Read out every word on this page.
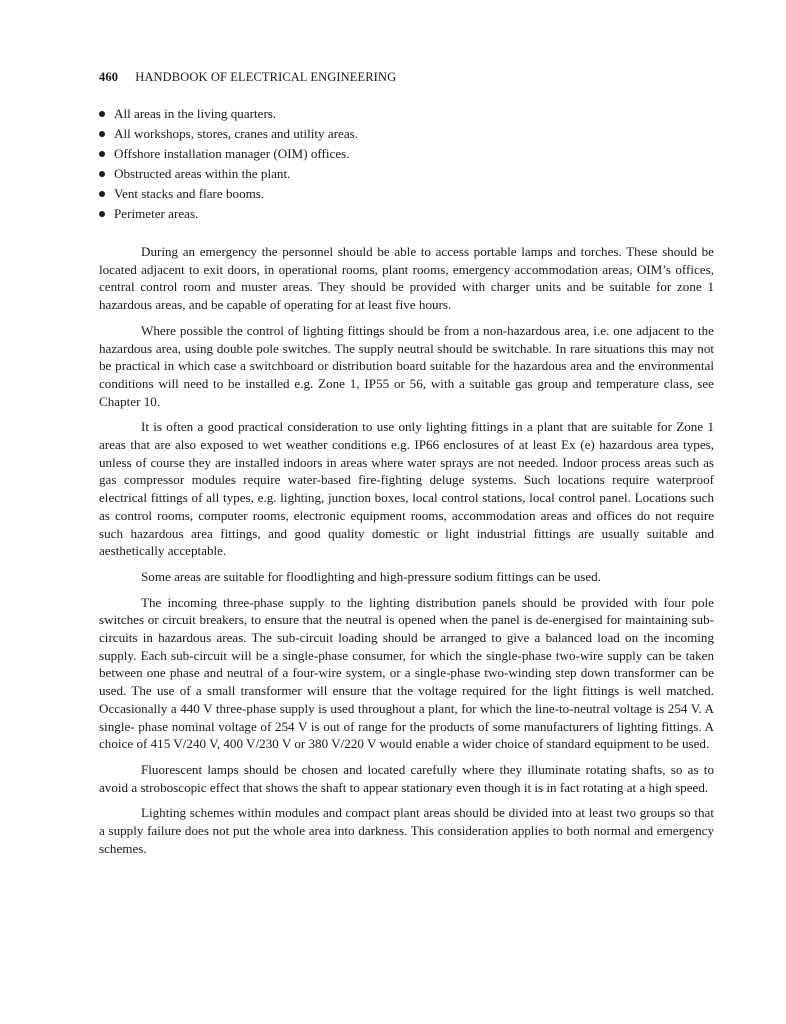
460 HANDBOOK OF ELECTRICAL ENGINEERING
All areas in the living quarters.
All workshops, stores, cranes and utility areas.
Offshore installation manager (OIM) offices.
Obstructed areas within the plant.
Vent stacks and flare booms.
Perimeter areas.

During an emergency the personnel should be able to access portable lamps and torches. These should be located adjacent to exit doors, in operational rooms, plant rooms, emergency accommodation areas, OIM’s offices, central control room and muster areas. They should be provided with charger units and be suitable for zone 1 hazardous areas, and be capable of operating for at least five hours.

Where possible the control of lighting fittings should be from a non-hazardous area, i.e. one adjacent to the hazardous area, using double pole switches. The supply neutral should be switchable. In rare situations this may not be practical in which case a switchboard or distribution board suitable for the hazardous area and the environmental conditions will need to be installed e.g. Zone 1, IP55 or 56, with a suitable gas group and temperature class, see Chapter 10.

It is often a good practical consideration to use only lighting fittings in a plant that are suitable for Zone 1 areas that are also exposed to wet weather conditions e.g. IP66 enclosures of at least Ex (e) hazardous area types, unless of course they are installed indoors in areas where water sprays are not needed. Indoor process areas such as gas compressor modules require water-based fire-fighting deluge systems. Such locations require waterproof electrical fittings of all types, e.g. lighting, junction boxes, local control stations, local control panel. Locations such as control rooms, computer rooms, electronic equipment rooms, accommodation areas and offices do not require such hazardous area fittings, and good quality domestic or light industrial fittings are usually suitable and aesthetically acceptable.

Some areas are suitable for floodlighting and high-pressure sodium fittings can be used.

The incoming three-phase supply to the lighting distribution panels should be provided with four pole switches or circuit breakers, to ensure that the neutral is opened when the panel is de-energised for maintaining sub-circuits in hazardous areas. The sub-circuit loading should be arranged to give a balanced load on the incoming supply. Each sub-circuit will be a single-phase consumer, for which the single-phase two-wire supply can be taken between one phase and neutral of a four-wire system, or a single-phase two-winding step down transformer can be used. The use of a small transformer will ensure that the voltage required for the light fittings is well matched. Occasionally a 440 V three-phase supply is used throughout a plant, for which the line-to-neutral voltage is 254 V. A single- phase nominal voltage of 254 V is out of range for the products of some manufacturers of lighting fittings. A choice of 415 V/240 V, 400 V/230 V or 380 V/220 V would enable a wider choice of standard equipment to be used.

Fluorescent lamps should be chosen and located carefully where they illuminate rotating shafts, so as to avoid a stroboscopic effect that shows the shaft to appear stationary even though it is in fact rotating at a high speed.

Lighting schemes within modules and compact plant areas should be divided into at least two groups so that a supply failure does not put the whole area into darkness. This consideration applies to both normal and emergency schemes.
